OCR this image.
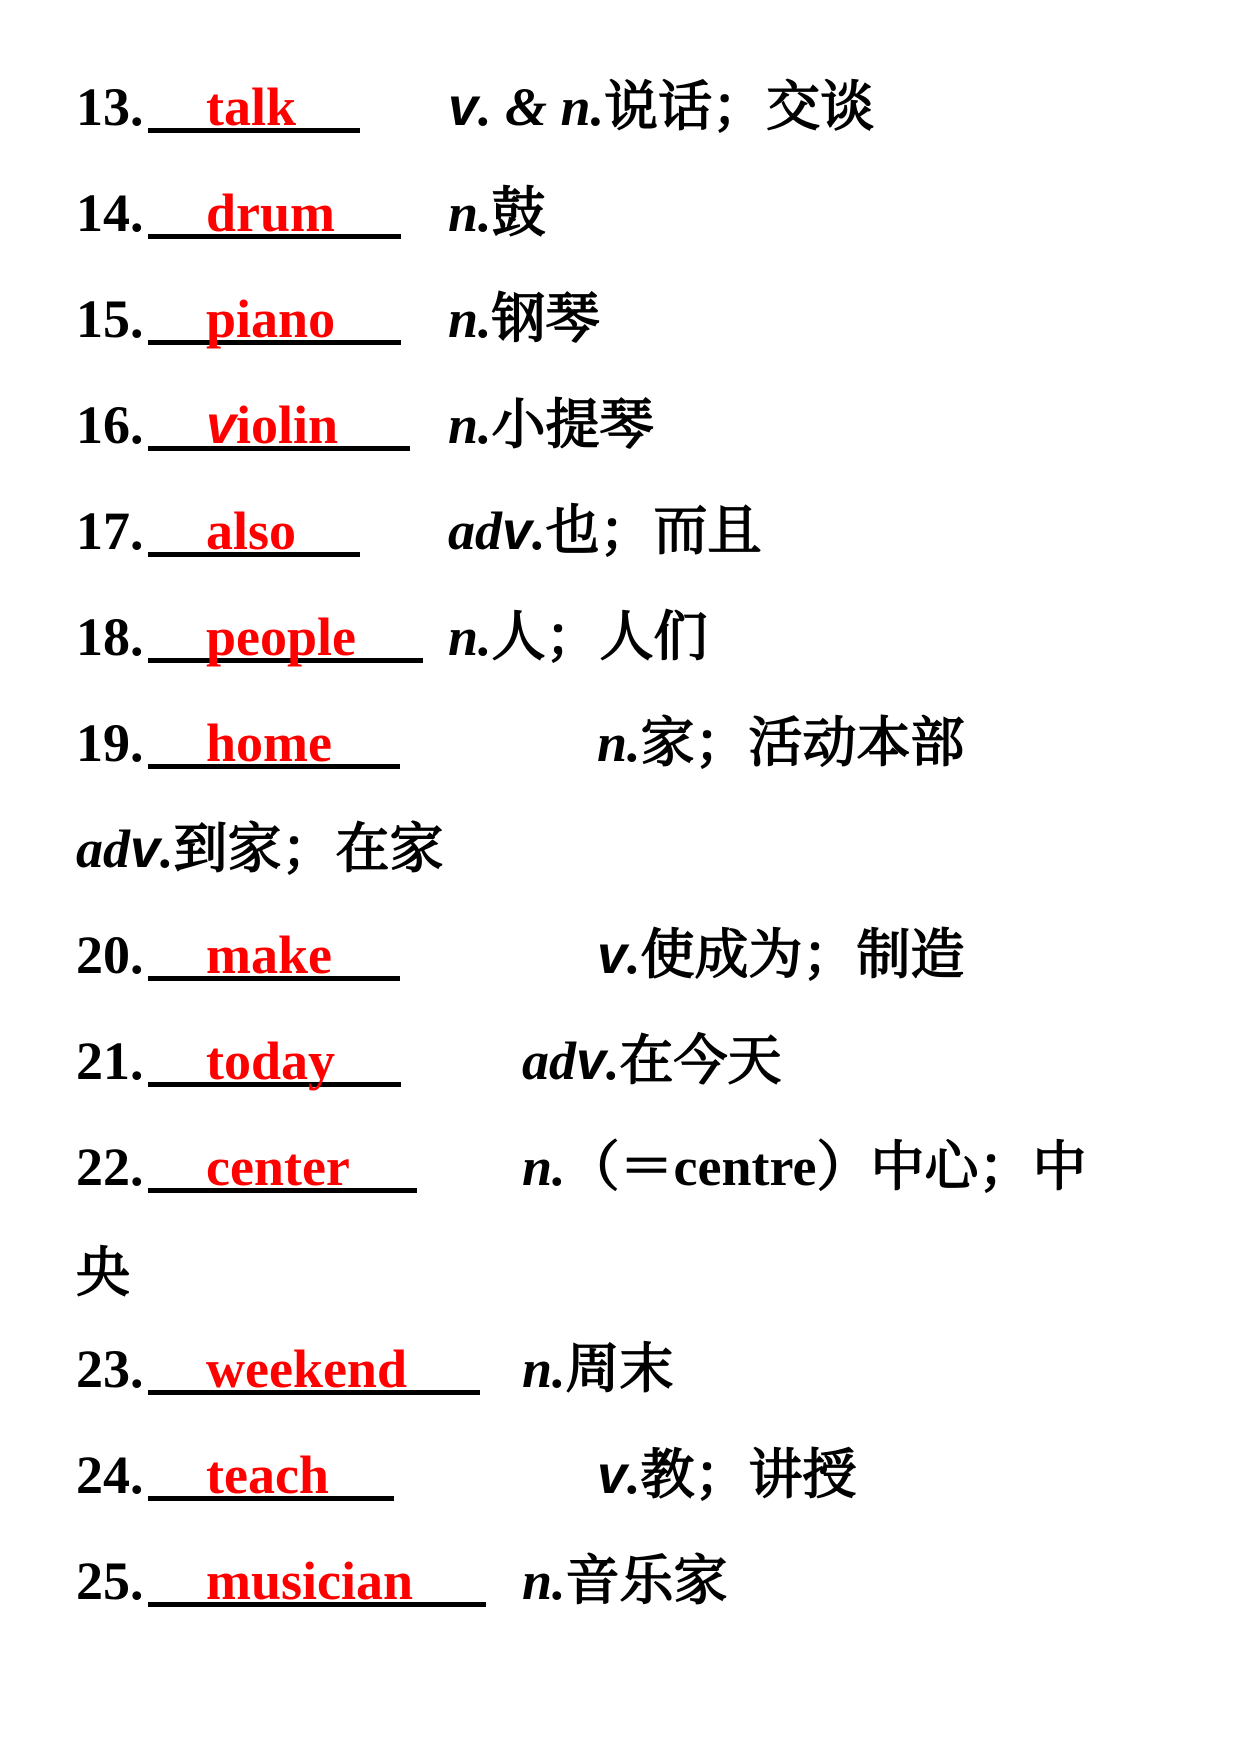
13. talk	v. & n.说话；交谈
14. drum n.鼓
15. piano n.钢琴
16. violin n.小提琴
17. also	adv.也；而且
18. people n.人；人们
19. home	n.家；活动本部
adv.到家；在家
20. make	v.使成为；制造
21. today	adv.在今天
22. center	n.（＝centre）中心；中
央
23. weekend n.周末
24. teach	v.教；讲授
25. musician n.音乐家
